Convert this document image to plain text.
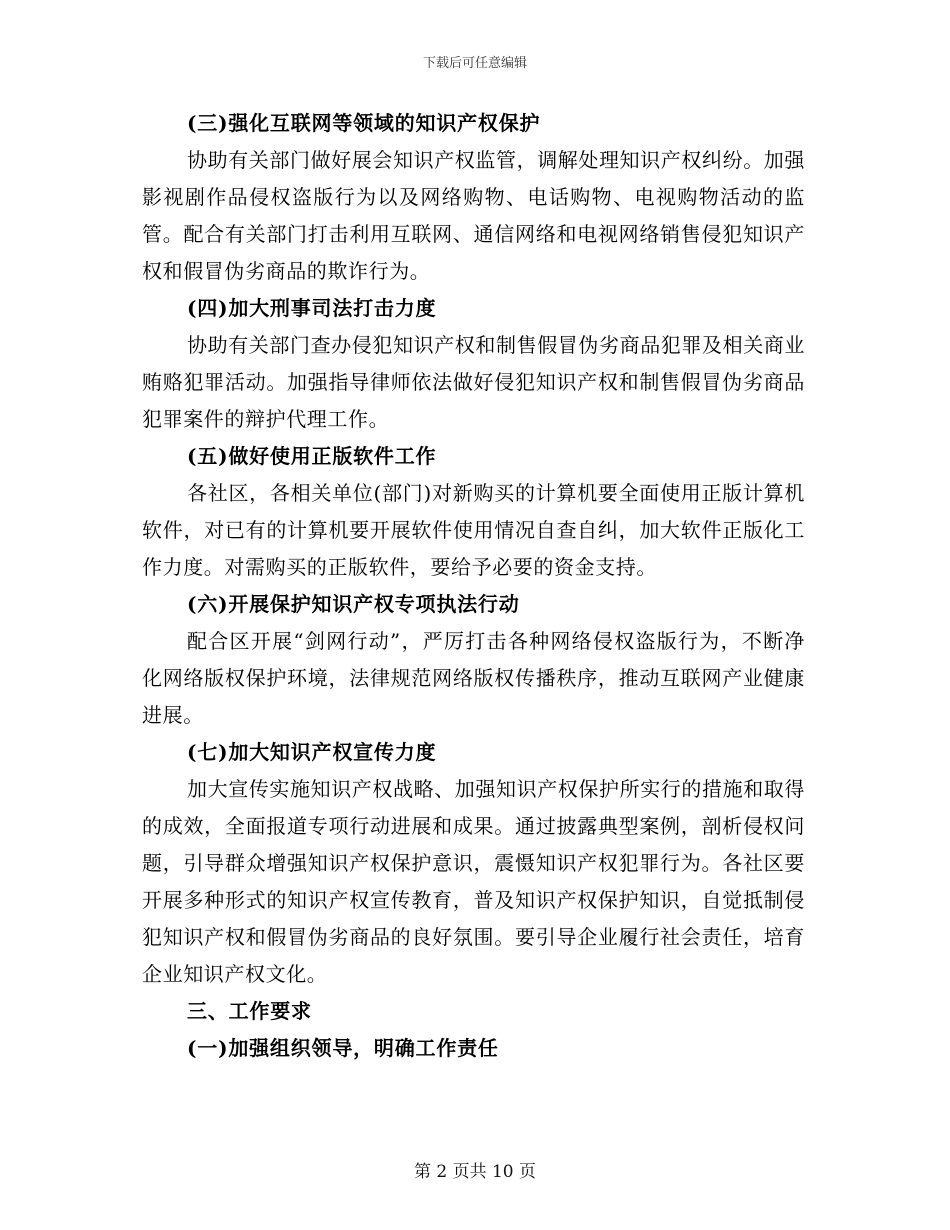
下载后可任意编辑

(三)强化互联网等领域的知识产权保护

协助有关部门做好展会知识产权监管，调解处理知识产权纠纷。加强影视剧作品侵权盗版行为以及网络购物、电话购物、电视购物活动的监管。配合有关部门打击利用互联网、通信网络和电视网络销售侵犯知识产权和假冒伪劣商品的欺诈行为。

(四)加大刑事司法打击力度

协助有关部门查办侵犯知识产权和制售假冒伪劣商品犯罪及相关商业贿赂犯罪活动。加强指导律师依法做好侵犯知识产权和制售假冒伪劣商品犯罪案件的辩护代理工作。

(五)做好使用正版软件工作

各社区，各相关单位(部门)对新购买的计算机要全面使用正版计算机软件，对已有的计算机要开展软件使用情况自查自纠，加大软件正版化工作力度。对需购买的正版软件，要给予必要的资金支持。

(六)开展保护知识产权专项执法行动

配合区开展“剑网行动”，严厉打击各种网络侵权盗版行为，不断净化网络版权保护环境，法律规范网络版权传播秩序，推动互联网产业健康进展。

(七)加大知识产权宣传力度

加大宣传实施知识产权战略、加强知识产权保护所实行的措施和取得的成效，全面报道专项行动进展和成果。通过披露典型案例，剖析侵权问题，引导群众增强知识产权保护意识，震慑知识产权犯罪行为。各社区要开展多种形式的知识产权宣传教育，普及知识产权保护知识，自觉抵制侵犯知识产权和假冒伪劣商品的良好氛围。要引导企业履行社会责任，培育企业知识产权文化。

三、工作要求

(一)加强组织领导，明确工作责任

第 2 页共 10 页
